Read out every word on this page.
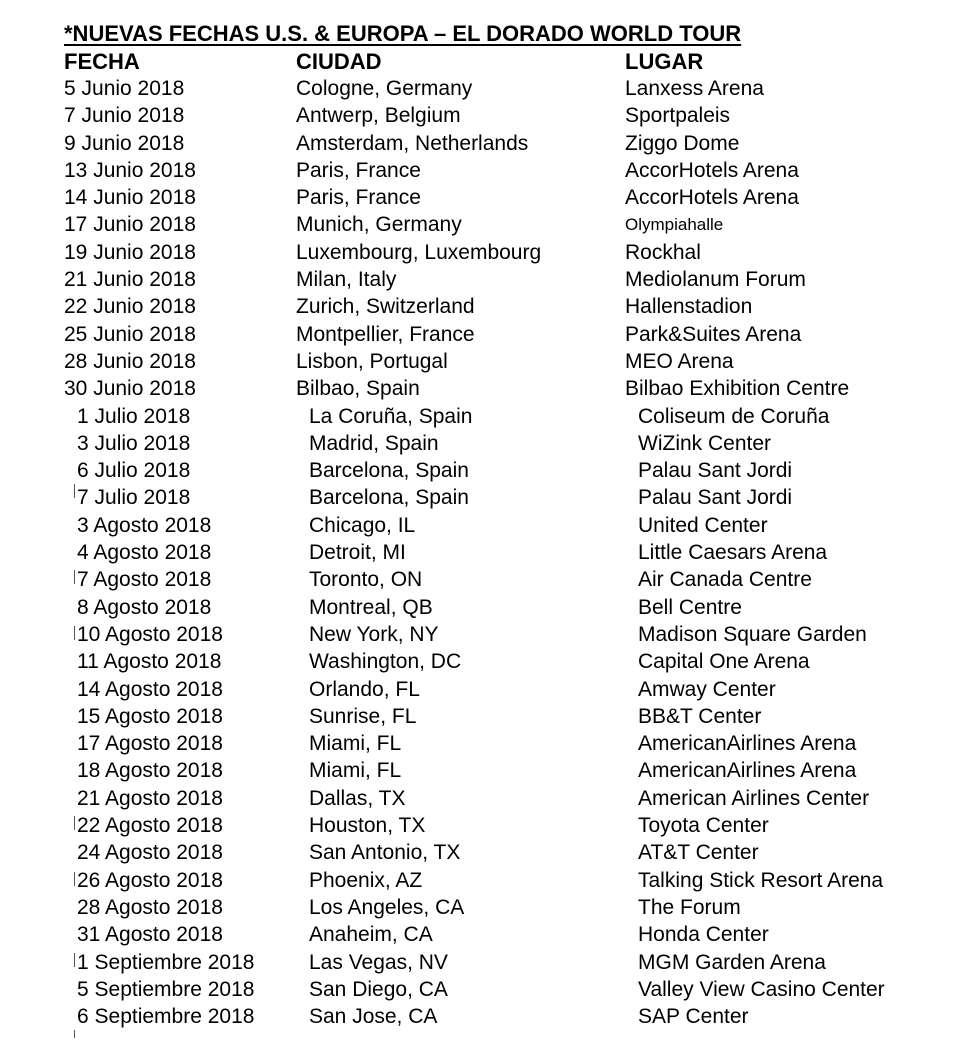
*NUEVAS FECHAS U.S. & EUROPA – EL DORADO WORLD TOUR
FECHA	CIUDAD	LUGAR
5 Junio 2018	Cologne, Germany	Lanxess Arena
7 Junio 2018	Antwerp, Belgium	Sportpaleis
9 Junio 2018	Amsterdam, Netherlands	Ziggo Dome
13 Junio 2018	Paris, France	AccorHotels Arena
14 Junio 2018	Paris, France	AccorHotels Arena
17 Junio 2018	Munich, Germany	Olympiahalle
19 Junio 2018	Luxembourg, Luxembourg	Rockhal
21 Junio 2018	Milan, Italy	Mediolanum Forum
22 Junio 2018	Zurich, Switzerland	Hallenstadion
25 Junio 2018	Montpellier, France	Park&Suites Arena
28 Junio 2018	Lisbon, Portugal	MEO Arena
30 Junio 2018	Bilbao, Spain	Bilbao Exhibition Centre
1 Julio 2018	La Coruña, Spain	Coliseum de Coruña
3 Julio 2018	Madrid, Spain	WiZink Center
6 Julio 2018	Barcelona, Spain	Palau Sant Jordi
7 Julio 2018	Barcelona, Spain	Palau Sant Jordi
3 Agosto 2018	Chicago, IL	United Center
4 Agosto 2018	Detroit, MI	Little Caesars Arena
7 Agosto 2018	Toronto, ON	Air Canada Centre
8 Agosto 2018	Montreal, QB	Bell Centre
10 Agosto 2018	New York, NY	Madison Square Garden
11 Agosto 2018	Washington, DC	Capital One Arena
14 Agosto 2018	Orlando, FL	Amway Center
15 Agosto 2018	Sunrise, FL	BB&T Center
17 Agosto 2018	Miami, FL	AmericanAirlines Arena
18 Agosto 2018	Miami, FL	AmericanAirlines Arena
21 Agosto 2018	Dallas, TX	American Airlines Center
22 Agosto 2018	Houston, TX	Toyota Center
24 Agosto 2018	San Antonio, TX	AT&T Center
26 Agosto 2018	Phoenix, AZ	Talking Stick Resort Arena
28 Agosto 2018	Los Angeles, CA	The Forum
31 Agosto 2018	Anaheim, CA	Honda Center
1 Septiembre 2018	Las Vegas, NV	MGM Garden Arena
5 Septiembre 2018	San Diego, CA	Valley View Casino Center
6 Septiembre 2018	San Jose, CA	SAP Center
